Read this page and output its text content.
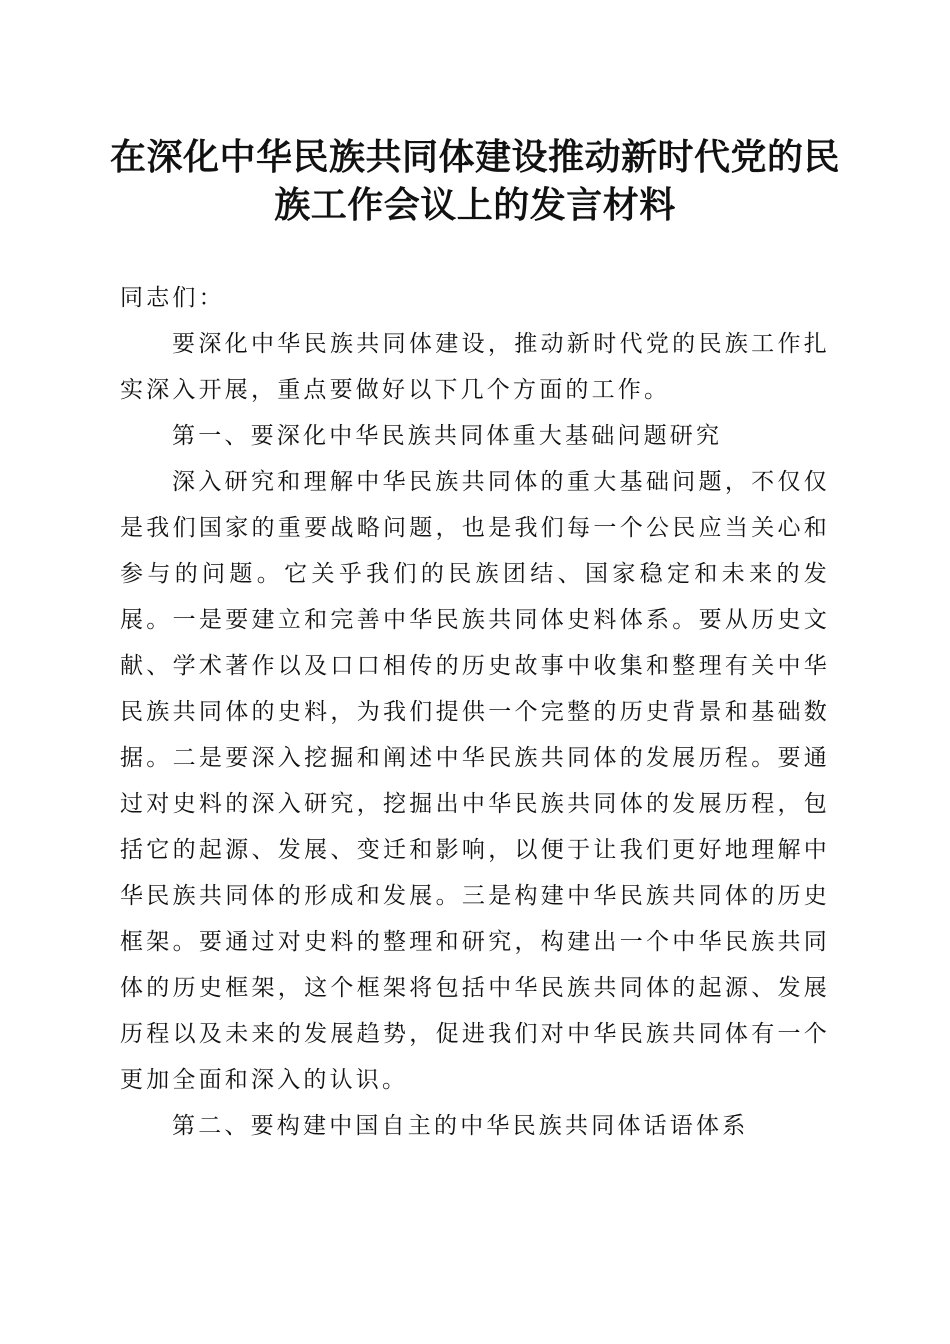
在深化中华民族共同体建设推动新时代党的民
族工作会议上的发言材料

同志们：

要深化中华民族共同体建设，推动新时代党的民族工作扎实深入开展，重点要做好以下几个方面的工作。

第一、要深化中华民族共同体重大基础问题研究

深入研究和理解中华民族共同体的重大基础问题，不仅仅是我们国家的重要战略问题，也是我们每一个公民应当关心和参与的问题。它关乎我们的民族团结、国家稳定和未来的发展。一是要建立和完善中华民族共同体史料体系。要从历史文献、学术著作以及口口相传的历史故事中收集和整理有关中华民族共同体的史料，为我们提供一个完整的历史背景和基础数据。二是要深入挖掘和阐述中华民族共同体的发展历程。要通过对史料的深入研究，挖掘出中华民族共同体的发展历程，包括它的起源、发展、变迁和影响，以便于让我们更好地理解中华民族共同体的形成和发展。三是构建中华民族共同体的历史框架。要通过对史料的整理和研究，构建出一个中华民族共同体的历史框架，这个框架将包括中华民族共同体的起源、发展历程以及未来的发展趋势，促进我们对中华民族共同体有一个更加全面和深入的认识。

第二、要构建中国自主的中华民族共同体话语体系
